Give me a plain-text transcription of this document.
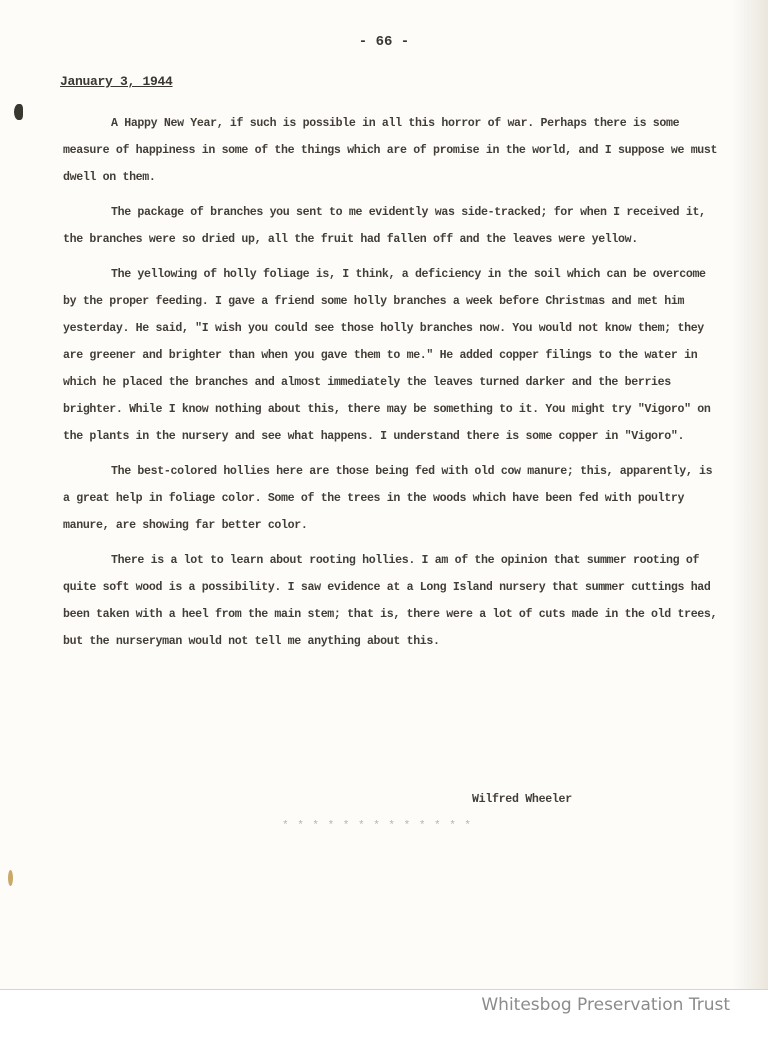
- 66 -
January 3, 1944

A Happy New Year, if such is possible in all this horror of war. Perhaps there is some measure of happiness in some of the things which are of promise in the world, and I suppose we must dwell on them.

The package of branches you sent to me evidently was side-tracked; for when I received it, the branches were so dried up, all the fruit had fallen off and the leaves were yellow.

The yellowing of holly foliage is, I think, a deficiency in the soil which can be overcome by the proper feeding. I gave a friend some holly branches a week before Christmas and met him yesterday. He said, "I wish you could see those holly branches now. You would not know them; they are greener and brighter than when you gave them to me." He added copper filings to the water in which he placed the branches and almost immediately the leaves turned darker and the berries brighter. While I know nothing about this, there may be something to it. You might try "Vigoro" on the plants in the nursery and see what happens. I understand there is some copper in "Vigoro".

The best-colored hollies here are those being fed with old cow manure; this, apparently, is a great help in foliage color. Some of the trees in the woods which have been fed with poultry manure, are showing far better color.

There is a lot to learn about rooting hollies. I am of the opinion that summer rooting of quite soft wood is a possibility. I saw evidence at a Long Island nursery that summer cuttings had been taken with a heel from the main stem; that is, there were a lot of cuts made in the old trees, but the nurseryman would not tell me anything about this.

Wilfred Wheeler
* * * * * * * * * * * * *
Whitesbog Preservation Trust
